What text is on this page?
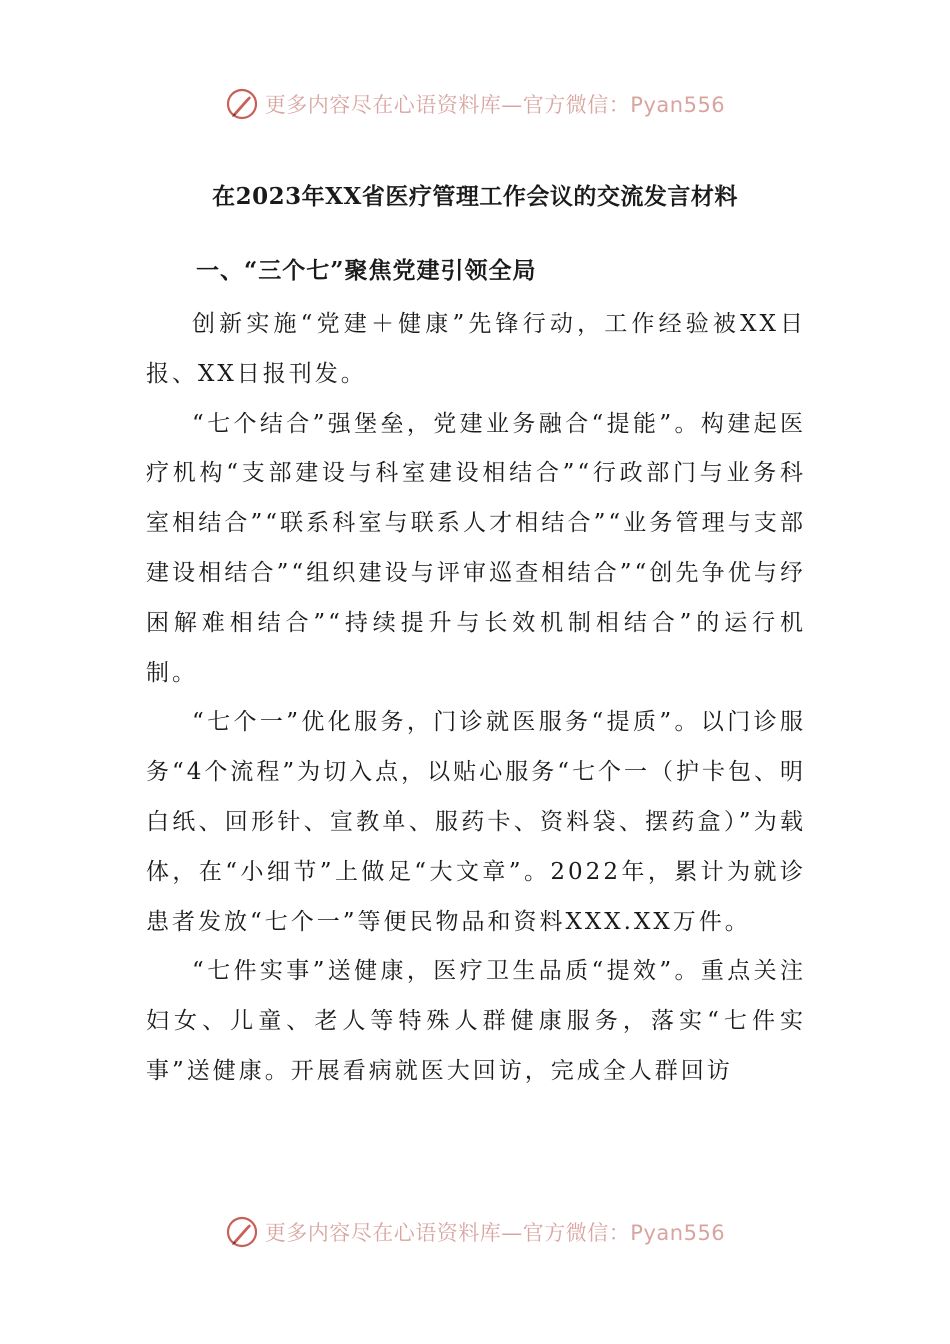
更多内容尽在心语资料库—官方微信：Pyan556
在2023年XX省医疗管理工作会议的交流发言材料
一、“三个七”聚焦党建引领全局

创新实施“党建＋健康”先锋行动，工作经验被XX日报、XX日报刊发。

“七个结合”强堡垒，党建业务融合“提能”。构建起医疗机构“支部建设与科室建设相结合”“行政部门与业务科室相结合”“联系科室与联系人才相结合”“业务管理与支部建设相结合”“组织建设与评审巡查相结合”“创先争优与纾困解难相结合”“持续提升与长效机制相结合”的运行机制。

“七个一”优化服务，门诊就医服务“提质”。以门诊服务“4个流程”为切入点，以贴心服务“七个一（护卡包、明白纸、回形针、宣教单、服药卡、资料袋、摆药盒）”为载体，在“小细节”上做足“大文章”。2022年，累计为就诊患者发放“七个一”等便民物品和资料XXX.XX万件。

“七件实事”送健康，医疗卫生品质“提效”。重点关注妇女、儿童、老人等特殊人群健康服务，落实“七件实事”送健康。开展看病就医大回访，完成全人群回访

更多内容尽在心语资料库—官方微信：Pyan556
